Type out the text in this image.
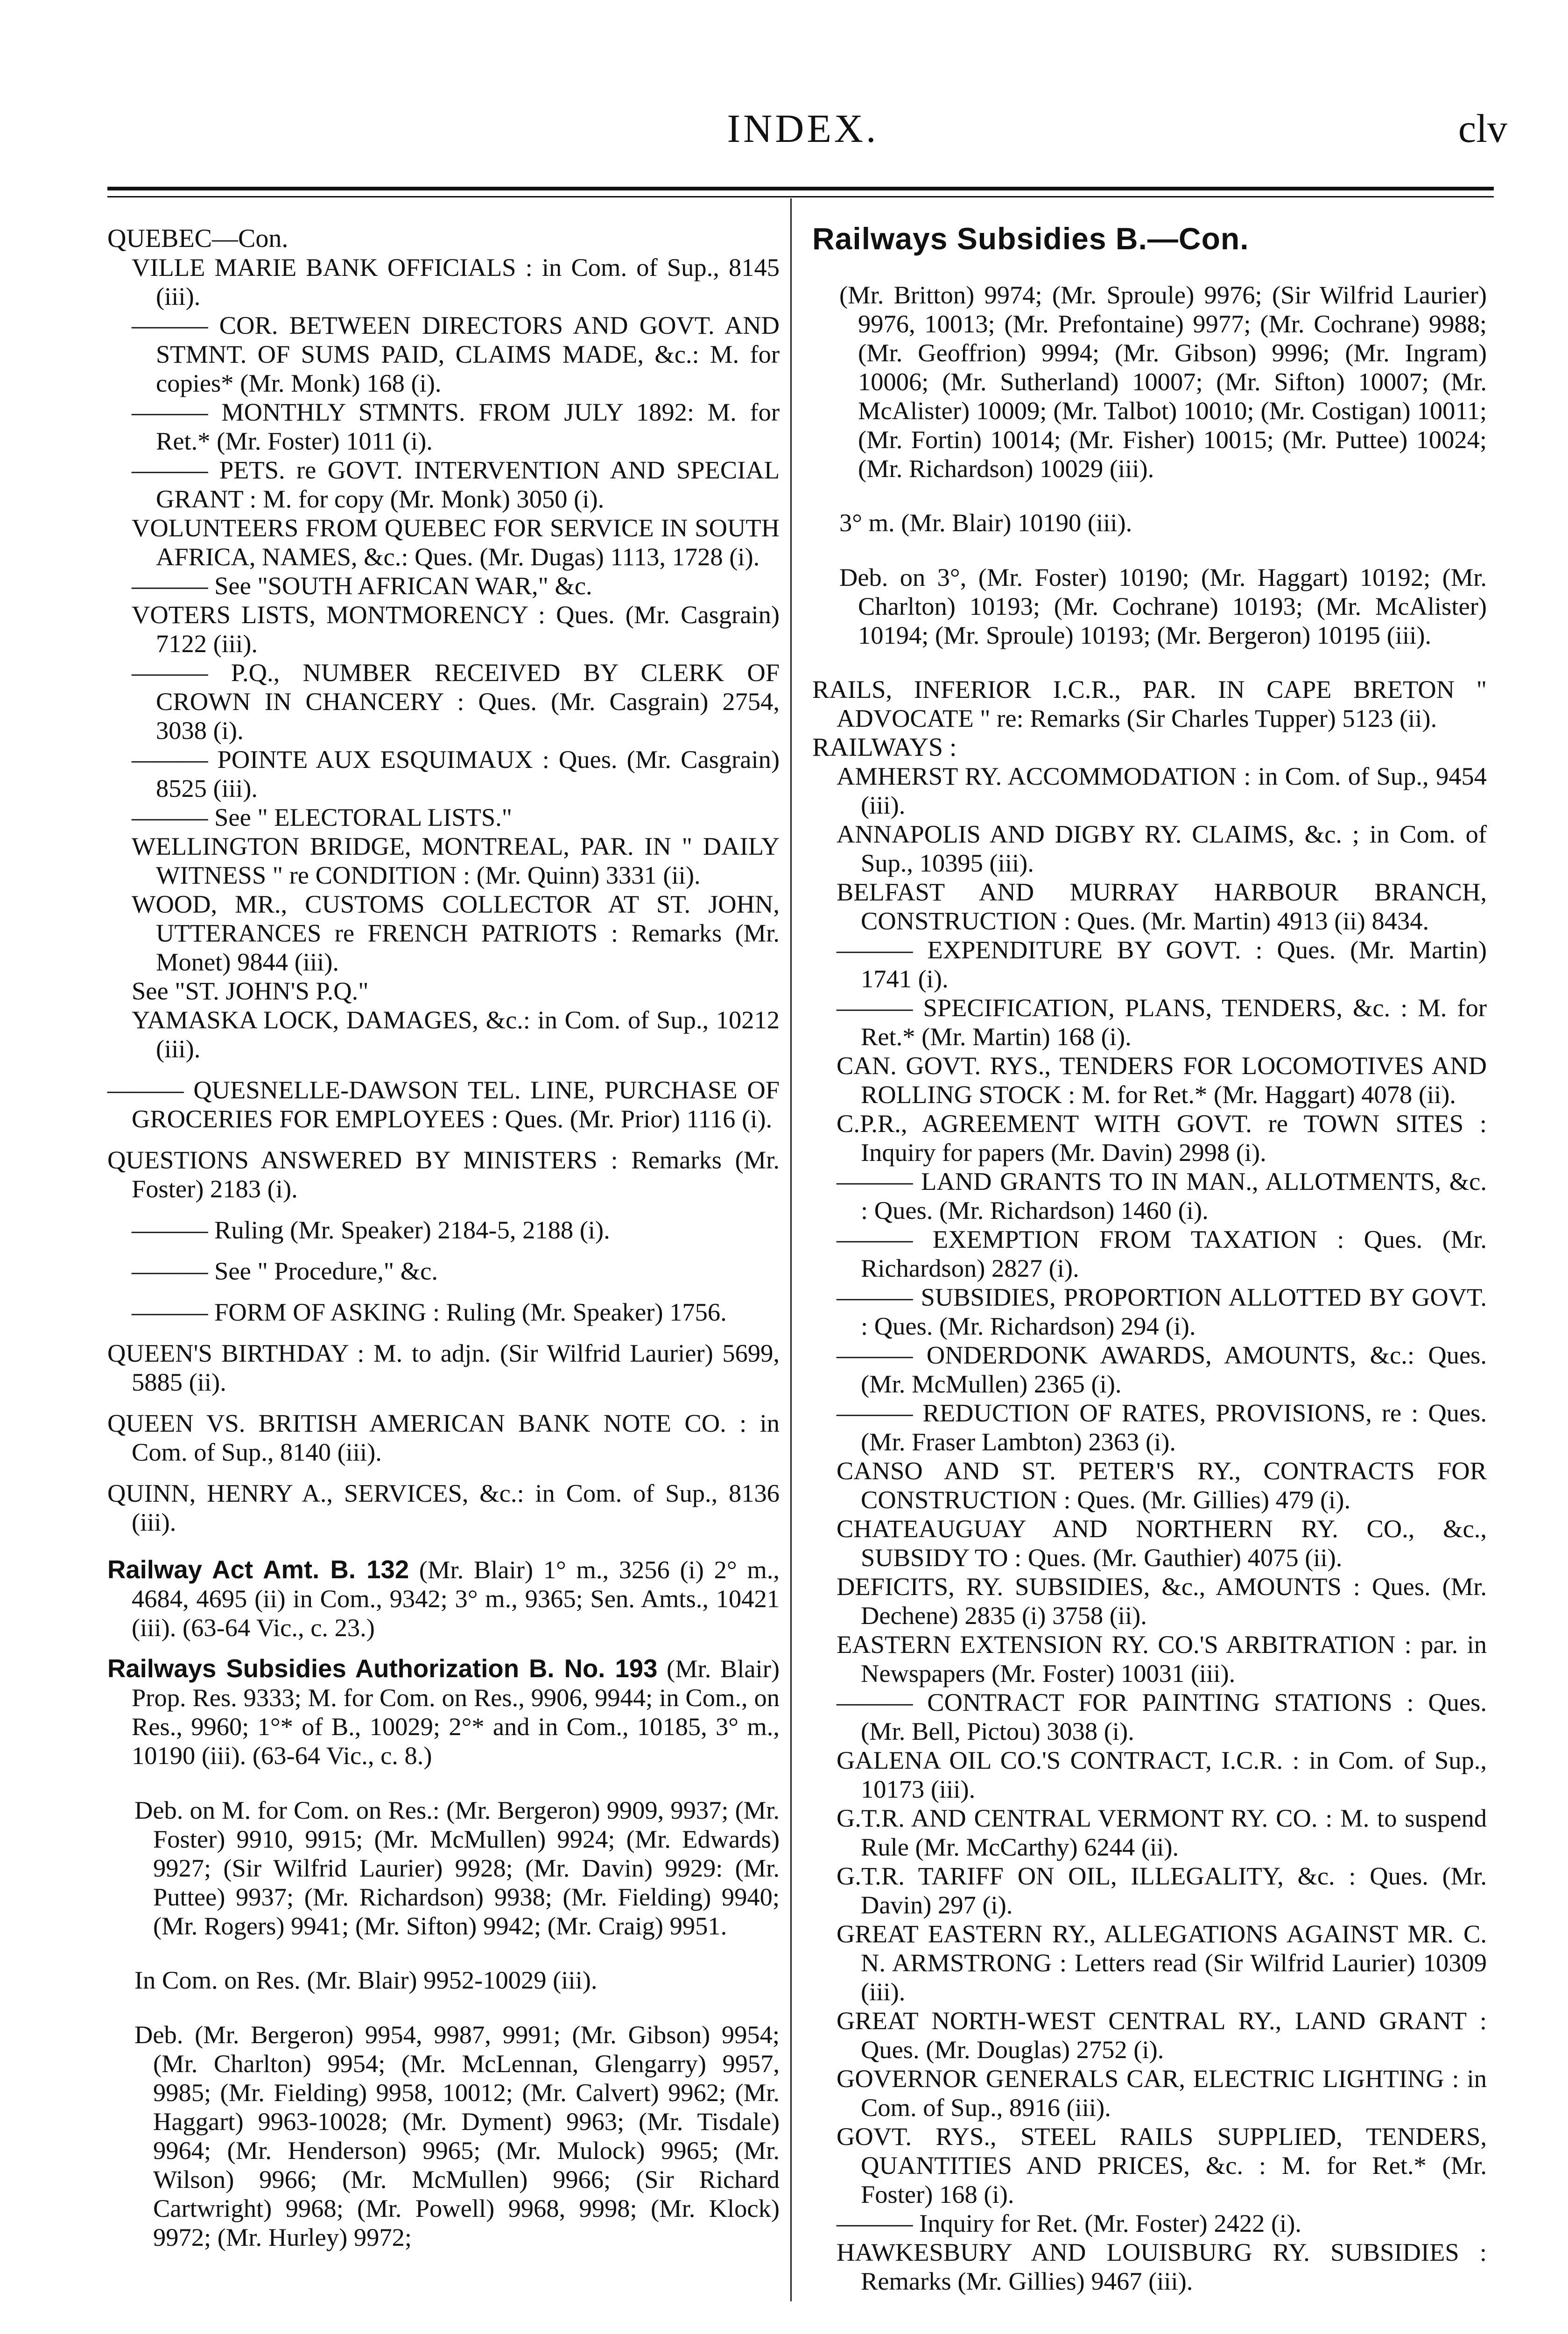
INDEX.	clv

QUEBEC—Con.

VILLE MARIE BANK OFFICIALS : in Com. of Sup., 8145 (iii).

——— COR. BETWEEN DIRECTORS AND GOVT. AND STMNT. OF SUMS PAID, CLAIMS MADE, &c.: M. for copies* (Mr. Monk) 168 (i).

——— MONTHLY STMNTS. FROM JULY 1892: M. for Ret.* (Mr. Foster) 1011 (i).

——— PETS. re GOVT. INTERVENTION AND SPECIAL GRANT : M. for copy (Mr. Monk) 3050 (i).

VOLUNTEERS FROM QUEBEC FOR SERVICE IN SOUTH AFRICA, NAMES, &c.: Ques. (Mr. Dugas) 1113, 1728 (i).

——— See "SOUTH AFRICAN WAR," &c.

VOTERS LISTS, MONTMORENCY : Ques. (Mr. Casgrain) 7122 (iii).

——— P.Q., NUMBER RECEIVED BY CLERK OF CROWN IN CHANCERY : Ques. (Mr. Casgrain) 2754, 3038 (i).

——— POINTE AUX ESQUIMAUX : Ques. (Mr. Casgrain) 8525 (iii).

——— See " ELECTORAL LISTS."

WELLINGTON BRIDGE, MONTREAL, PAR. IN " DAILY WITNESS " re CONDITION : (Mr. Quinn) 3331 (ii).

WOOD, MR., CUSTOMS COLLECTOR AT ST. JOHN, UTTERANCES re FRENCH PATRIOTS : Remarks (Mr. Monet) 9844 (iii).

See "ST. JOHN'S P.Q."

YAMASKA LOCK, DAMAGES, &c.: in Com. of Sup., 10212 (iii).

——— QUESNELLE-DAWSON TEL. LINE, PURCHASE OF GROCERIES FOR EMPLOYEES : Ques. (Mr. Prior) 1116 (i).

QUESTIONS ANSWERED BY MINISTERS : Remarks (Mr. Foster) 2183 (i).

——— Ruling (Mr. Speaker) 2184-5, 2188 (i).

——— See " Procedure," &c.

——— FORM OF ASKING : Ruling (Mr. Speaker) 1756.

QUEEN'S BIRTHDAY : M. to adjn. (Sir Wilfrid Laurier) 5699, 5885 (ii).

QUEEN VS. BRITISH AMERICAN BANK NOTE CO. : in Com. of Sup., 8140 (iii).

QUINN, HENRY A., SERVICES, &c.: in Com. of Sup., 8136 (iii).

Railway Act Amt. B. 132 (Mr. Blair) 1° m., 3256 (i) 2° m., 4684, 4695 (ii) in Com., 9342; 3° m., 9365; Sen. Amts., 10421 (iii). (63-64 Vic., c. 23.)

Railways Subsidies Authorization B. No. 193 (Mr. Blair) Prop. Res. 9333; M. for Com. on Res., 9906, 9944; in Com., on Res., 9960; 1°* of B., 10029; 2°* and in Com., 10185, 3° m., 10190 (iii). (63-64 Vic., c. 8.)

Deb. on M. for Com. on Res.: (Mr. Bergeron) 9909, 9937; (Mr. Foster) 9910, 9915; (Mr. McMullen) 9924; (Mr. Edwards) 9927; (Sir Wilfrid Laurier) 9928; (Mr. Davin) 9929: (Mr. Puttee) 9937; (Mr. Richardson) 9938; (Mr. Fielding) 9940; (Mr. Rogers) 9941; (Mr. Sifton) 9942; (Mr. Craig) 9951.

In Com. on Res. (Mr. Blair) 9952-10029 (iii).

Deb. (Mr. Bergeron) 9954, 9987, 9991; (Mr. Gibson) 9954; (Mr. Charlton) 9954; (Mr. McLennan, Glengarry) 9957, 9985; (Mr. Fielding) 9958, 10012; (Mr. Calvert) 9962; (Mr. Haggart) 9963-10028; (Mr. Dyment) 9963; (Mr. Tisdale) 9964; (Mr. Henderson) 9965; (Mr. Mulock) 9965; (Mr. Wilson) 9966; (Mr. McMullen) 9966; (Sir Richard Cartwright) 9968; (Mr. Powell) 9968, 9998; (Mr. Klock) 9972; (Mr. Hurley) 9972;

Railways Subsidies B.—Con.

(Mr. Britton) 9974; (Mr. Sproule) 9976; (Sir Wilfrid Laurier) 9976, 10013; (Mr. Prefontaine) 9977; (Mr. Cochrane) 9988; (Mr. Geoffrion) 9994; (Mr. Gibson) 9996; (Mr. Ingram) 10006; (Mr. Sutherland) 10007; (Mr. Sifton) 10007; (Mr. McAlister) 10009; (Mr. Talbot) 10010; (Mr. Costigan) 10011; (Mr. Fortin) 10014; (Mr. Fisher) 10015; (Mr. Puttee) 10024; (Mr. Richardson) 10029 (iii).

3° m. (Mr. Blair) 10190 (iii).

Deb. on 3°, (Mr. Foster) 10190; (Mr. Haggart) 10192; (Mr. Charlton) 10193; (Mr. Cochrane) 10193; (Mr. McAlister) 10194; (Mr. Sproule) 10193; (Mr. Bergeron) 10195 (iii).

RAILS, INFERIOR I.C.R., PAR. IN CAPE BRETON " ADVOCATE " re: Remarks (Sir Charles Tupper) 5123 (ii).

RAILWAYS :

AMHERST RY. ACCOMMODATION : in Com. of Sup., 9454 (iii).

ANNAPOLIS AND DIGBY RY. CLAIMS, &c. ; in Com. of Sup., 10395 (iii).

BELFAST AND MURRAY HARBOUR BRANCH, CONSTRUCTION : Ques. (Mr. Martin) 4913 (ii) 8434.

——— EXPENDITURE BY GOVT. : Ques. (Mr. Martin) 1741 (i).

——— SPECIFICATION, PLANS, TENDERS, &c. : M. for Ret.* (Mr. Martin) 168 (i).

CAN. GOVT. RYS., TENDERS FOR LOCOMOTIVES AND ROLLING STOCK : M. for Ret.* (Mr. Haggart) 4078 (ii).

C.P.R., AGREEMENT WITH GOVT. re TOWN SITES : Inquiry for papers (Mr. Davin) 2998 (i).

——— LAND GRANTS TO IN MAN., ALLOTMENTS, &c. : Ques. (Mr. Richardson) 1460 (i).

——— EXEMPTION FROM TAXATION : Ques. (Mr. Richardson) 2827 (i).

——— SUBSIDIES, PROPORTION ALLOTTED BY GOVT. : Ques. (Mr. Richardson) 294 (i).

——— ONDERDONK AWARDS, AMOUNTS, &c.: Ques. (Mr. McMullen) 2365 (i).

——— REDUCTION OF RATES, PROVISIONS, re : Ques. (Mr. Fraser Lambton) 2363 (i).

CANSO AND ST. PETER'S RY., CONTRACTS FOR CONSTRUCTION : Ques. (Mr. Gillies) 479 (i).

CHATEAUGUAY AND NORTHERN RY. CO., &c., SUBSIDY TO : Ques. (Mr. Gauthier) 4075 (ii).

DEFICITS, RY. SUBSIDIES, &c., AMOUNTS : Ques. (Mr. Dechene) 2835 (i) 3758 (ii).

EASTERN EXTENSION RY. CO.'S ARBITRATION : par. in Newspapers (Mr. Foster) 10031 (iii).

——— CONTRACT FOR PAINTING STATIONS : Ques. (Mr. Bell, Pictou) 3038 (i).

GALENA OIL CO.'S CONTRACT, I.C.R. : in Com. of Sup., 10173 (iii).

G.T.R. AND CENTRAL VERMONT RY. CO. : M. to suspend Rule (Mr. McCarthy) 6244 (ii).

G.T.R. TARIFF ON OIL, ILLEGALITY, &c. : Ques. (Mr. Davin) 297 (i).

GREAT EASTERN RY., ALLEGATIONS AGAINST MR. C. N. ARMSTRONG : Letters read (Sir Wilfrid Laurier) 10309 (iii).

GREAT NORTH-WEST CENTRAL RY., LAND GRANT : Ques. (Mr. Douglas) 2752 (i).

GOVERNOR GENERALS CAR, ELECTRIC LIGHTING : in Com. of Sup., 8916 (iii).

GOVT. RYS., STEEL RAILS SUPPLIED, TENDERS, QUANTITIES AND PRICES, &c. : M. for Ret.* (Mr. Foster) 168 (i).

——— Inquiry for Ret. (Mr. Foster) 2422 (i).

HAWKESBURY AND LOUISBURG RY. SUBSIDIES : Remarks (Mr. Gillies) 9467 (iii).
